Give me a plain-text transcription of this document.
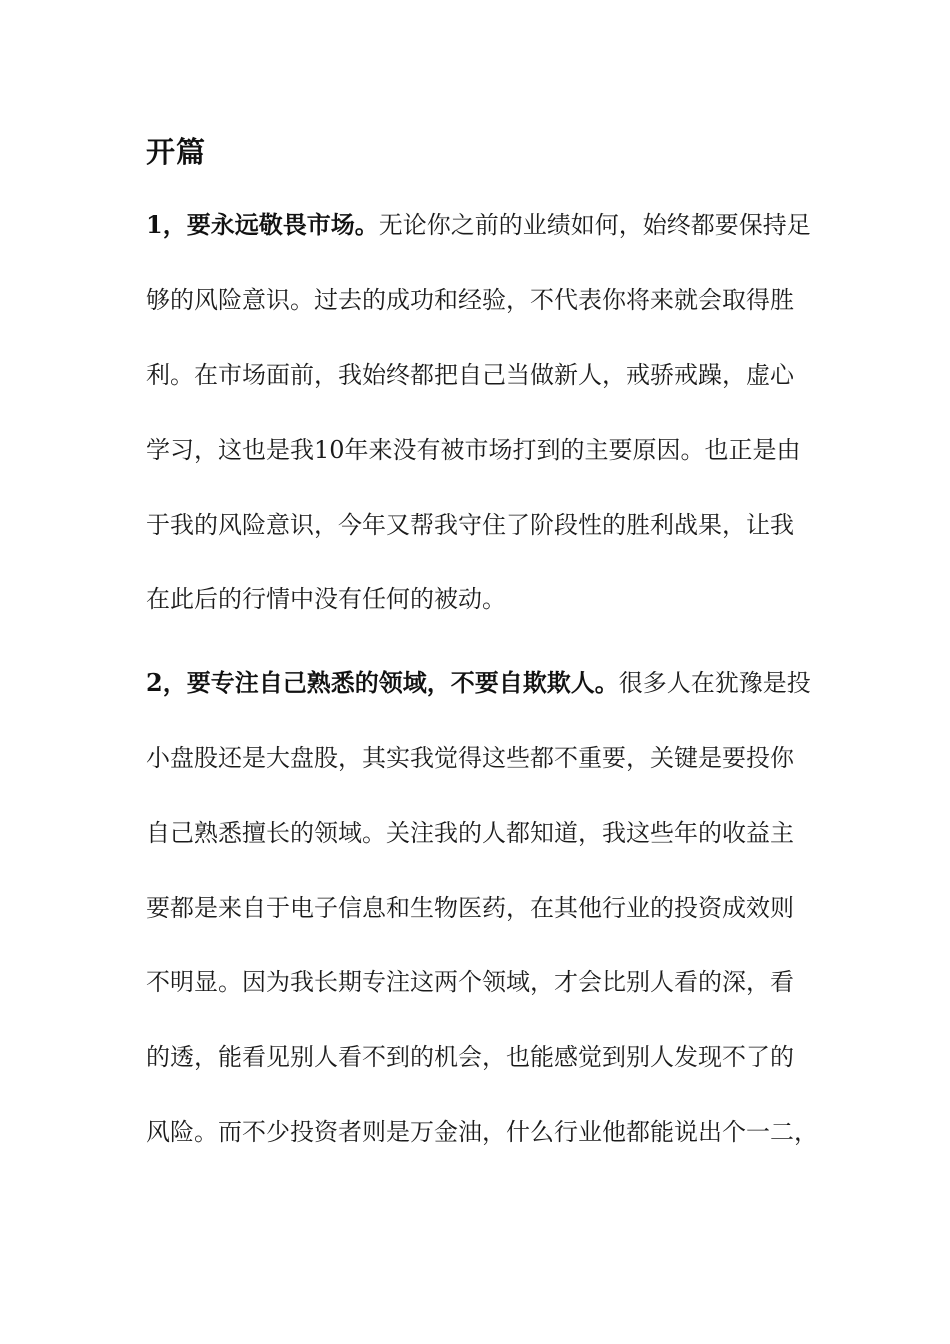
开篇

1，要永远敬畏市场。无论你之前的业绩如何，始终都要保持足

够的风险意识。过去的成功和经验，不代表你将来就会取得胜

利。在市场面前，我始终都把自己当做新人，戒骄戒躁，虚心

学习，这也是我10年来没有被市场打到的主要原因。也正是由

于我的风险意识，今年又帮我守住了阶段性的胜利战果，让我

在此后的行情中没有任何的被动。

2，要专注自己熟悉的领域，不要自欺欺人。很多人在犹豫是投

小盘股还是大盘股，其实我觉得这些都不重要，关键是要投你

自己熟悉擅长的领域。关注我的人都知道，我这些年的收益主

要都是来自于电子信息和生物医药，在其他行业的投资成效则

不明显。因为我长期专注这两个领域，才会比别人看的深，看

的透，能看见别人看不到的机会，也能感觉到别人发现不了的

风险。而不少投资者则是万金油，什么行业他都能说出个一二，
